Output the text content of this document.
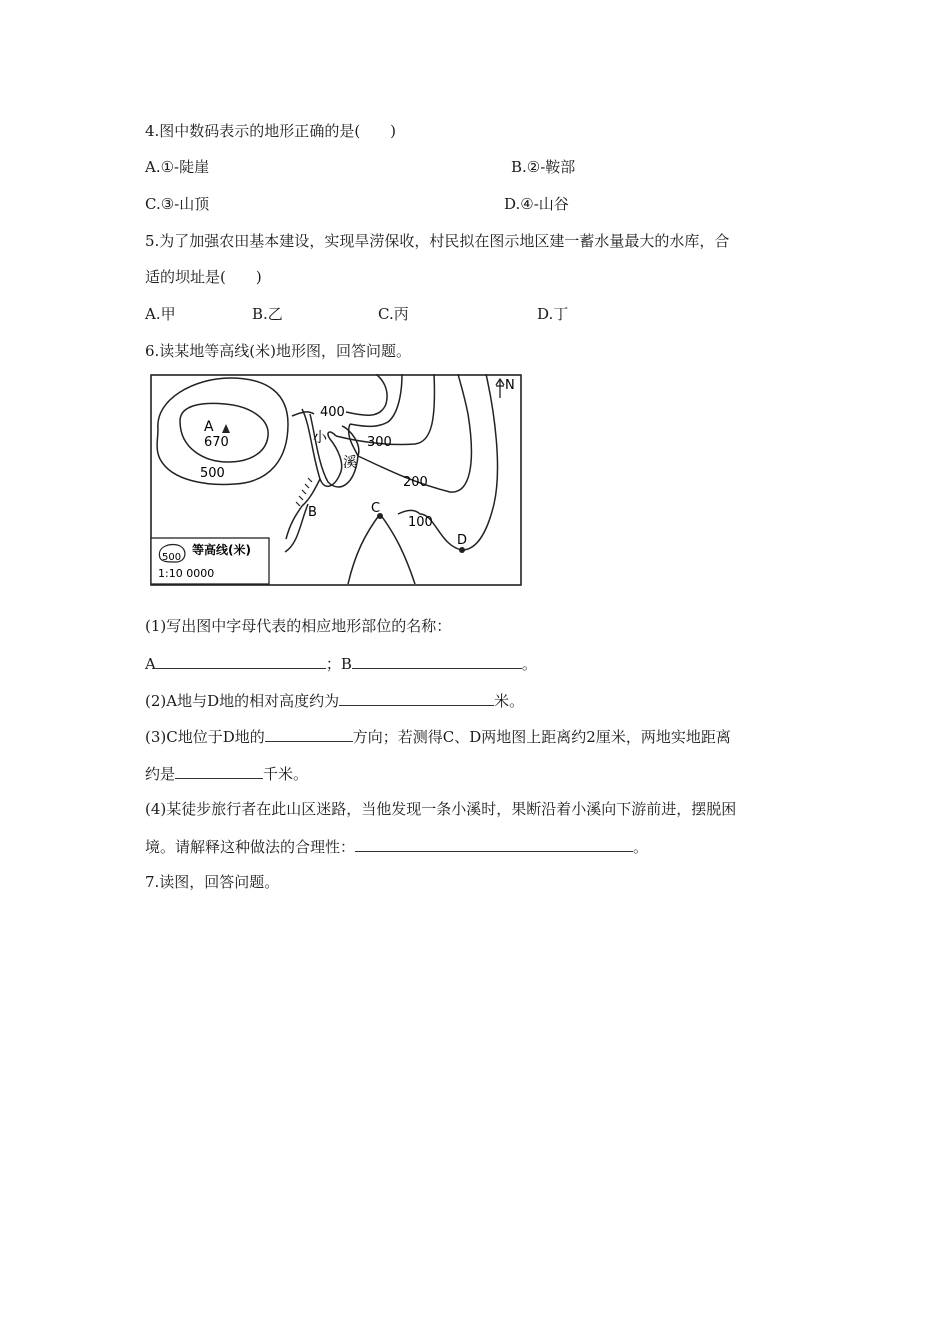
4.图中数码表示的地形正确的是(　　)
A.①-陡崖	B.②-鞍部
C.③-山顶	D.④-山谷
5.为了加强农田基本建设，实现旱涝保收，村民拟在图示地区建一蓄水量最大的水库，合
适的坝址是(　　)
A.甲	B.乙	C.丙	D.丁
6.读某地等高线(米)地形图，回答问题。
N
A
670
500
400
300
200
100
B	C
D
小
溪
500
等高线(米)
1:10 0000
(1)写出图中字母代表的相应地形部位的名称：
A	；B	。
(2)A地与D地的相对高度约为	米。
(3)C地位于D地的	方向；若测得C、D两地图上距离约2厘米，两地实地距离
约是	千米。
(4)某徒步旅行者在此山区迷路，当他发现一条小溪时，果断沿着小溪向下游前进，摆脱困
境。请解释这种做法的合理性：	。
7.读图，回答问题。
